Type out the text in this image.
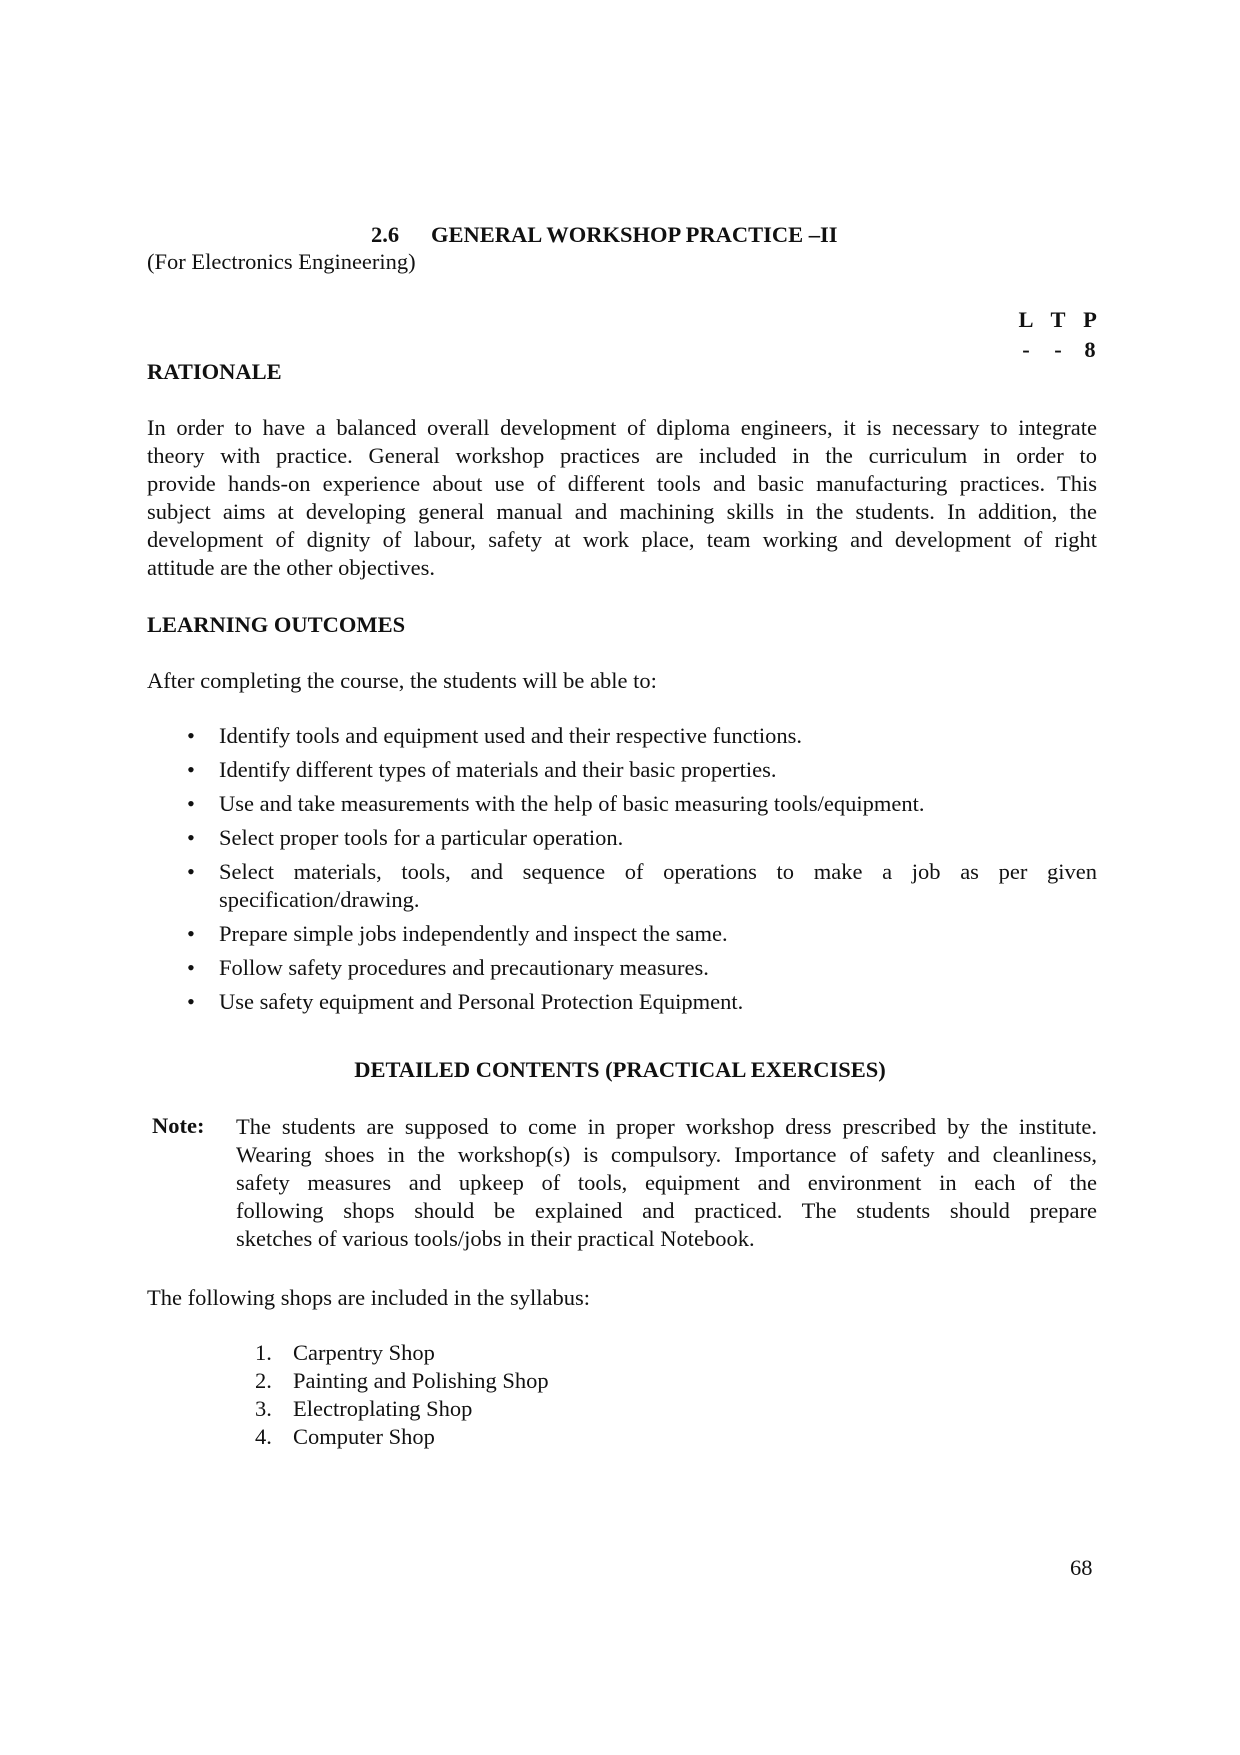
2.6 GENERAL WORKSHOP PRACTICE –II
(For Electronics Engineering)
L T P
- - 8
RATIONALE
In order to have a balanced overall development of diploma engineers, it is necessary to integrate
theory with practice. General workshop practices are included in the curriculum in order to
provide hands-on experience about use of different tools and basic manufacturing practices. This
subject aims at developing general manual and machining skills in the students. In addition, the
development of dignity of labour, safety at work place, team working and development of right
attitude are the other objectives.
LEARNING OUTCOMES
After completing the course, the students will be able to:
• Identify tools and equipment used and their respective functions.
• Identify different types of materials and their basic properties.
• Use and take measurements with the help of basic measuring tools/equipment.
• Select proper tools for a particular operation.
• Select materials, tools, and sequence of operations to make a job as per given
specification/drawing.
• Prepare simple jobs independently and inspect the same.
• Follow safety procedures and precautionary measures.
• Use safety equipment and Personal Protection Equipment.
DETAILED CONTENTS (PRACTICAL EXERCISES)
Note: The students are supposed to come in proper workshop dress prescribed by the institute.
Wearing shoes in the workshop(s) is compulsory. Importance of safety and cleanliness,
safety measures and upkeep of tools, equipment and environment in each of the
following shops should be explained and practiced. The students should prepare
sketches of various tools/jobs in their practical Notebook.
The following shops are included in the syllabus:
1. Carpentry Shop
2. Painting and Polishing Shop
3. Electroplating Shop
4. Computer Shop
68
